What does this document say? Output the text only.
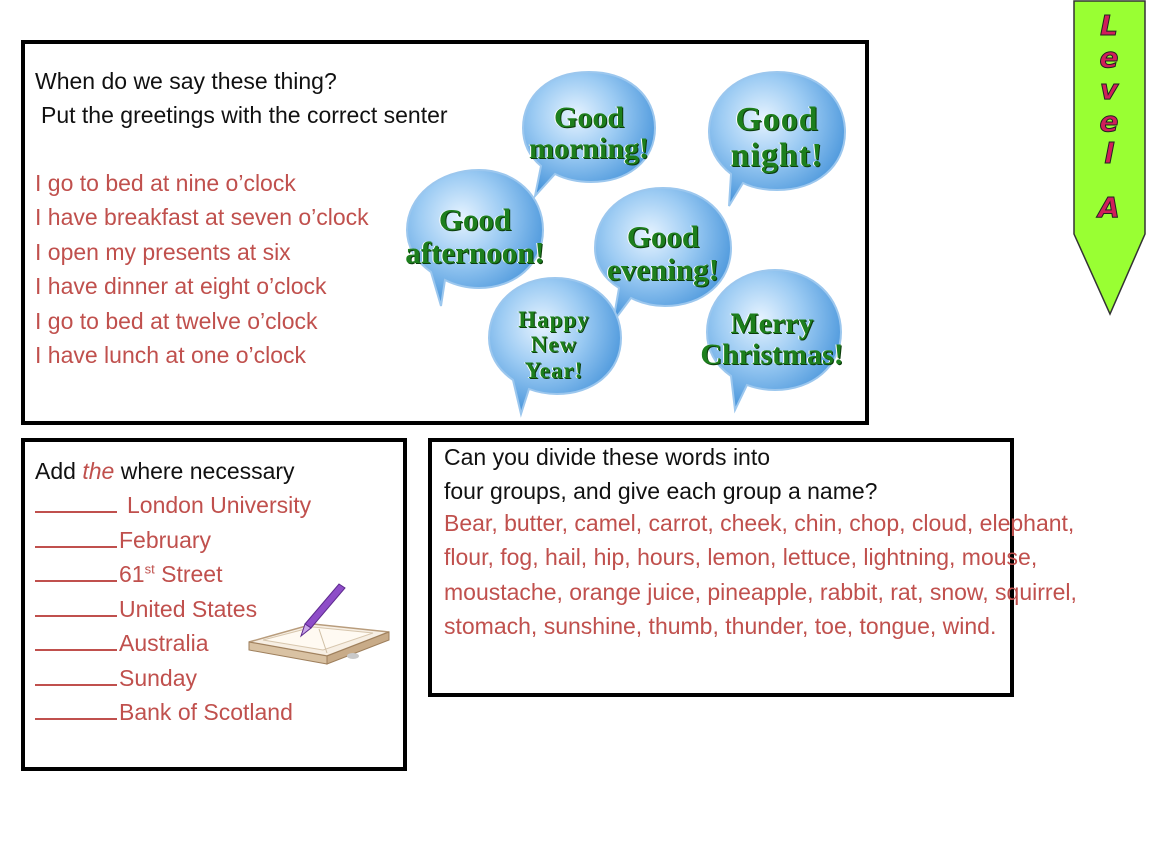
When do we say these thing?
Put the greetings with the correct senter
I go to bed at nine o’clock
I have breakfast at seven o’clock
I open my presents at six
I have dinner at eight o’clock
I go to bed at twelve o’clock
I have lunch at one o’clock
Good
morning!
Good
night!
Good
afternoon!	Good
evening!
Happy
New
Year!
Merry
Christmas!
Add the where necessary
London University
February
61st Street
United States
Australia
Sunday
Bank of Scotland
Can you divide these words into
four groups, and give each group a name?
Bear, butter, camel, carrot, cheek, chin, chop, cloud, elephant, flour, fog, hail, hip, hours, lemon, lettuce, lightning, mouse, moustache, orange juice, pineapple, rabbit, rat, snow, squirrel, stomach, sunshine, thumb, thunder, toe, tongue, wind.
L
e
v
e
l
A
